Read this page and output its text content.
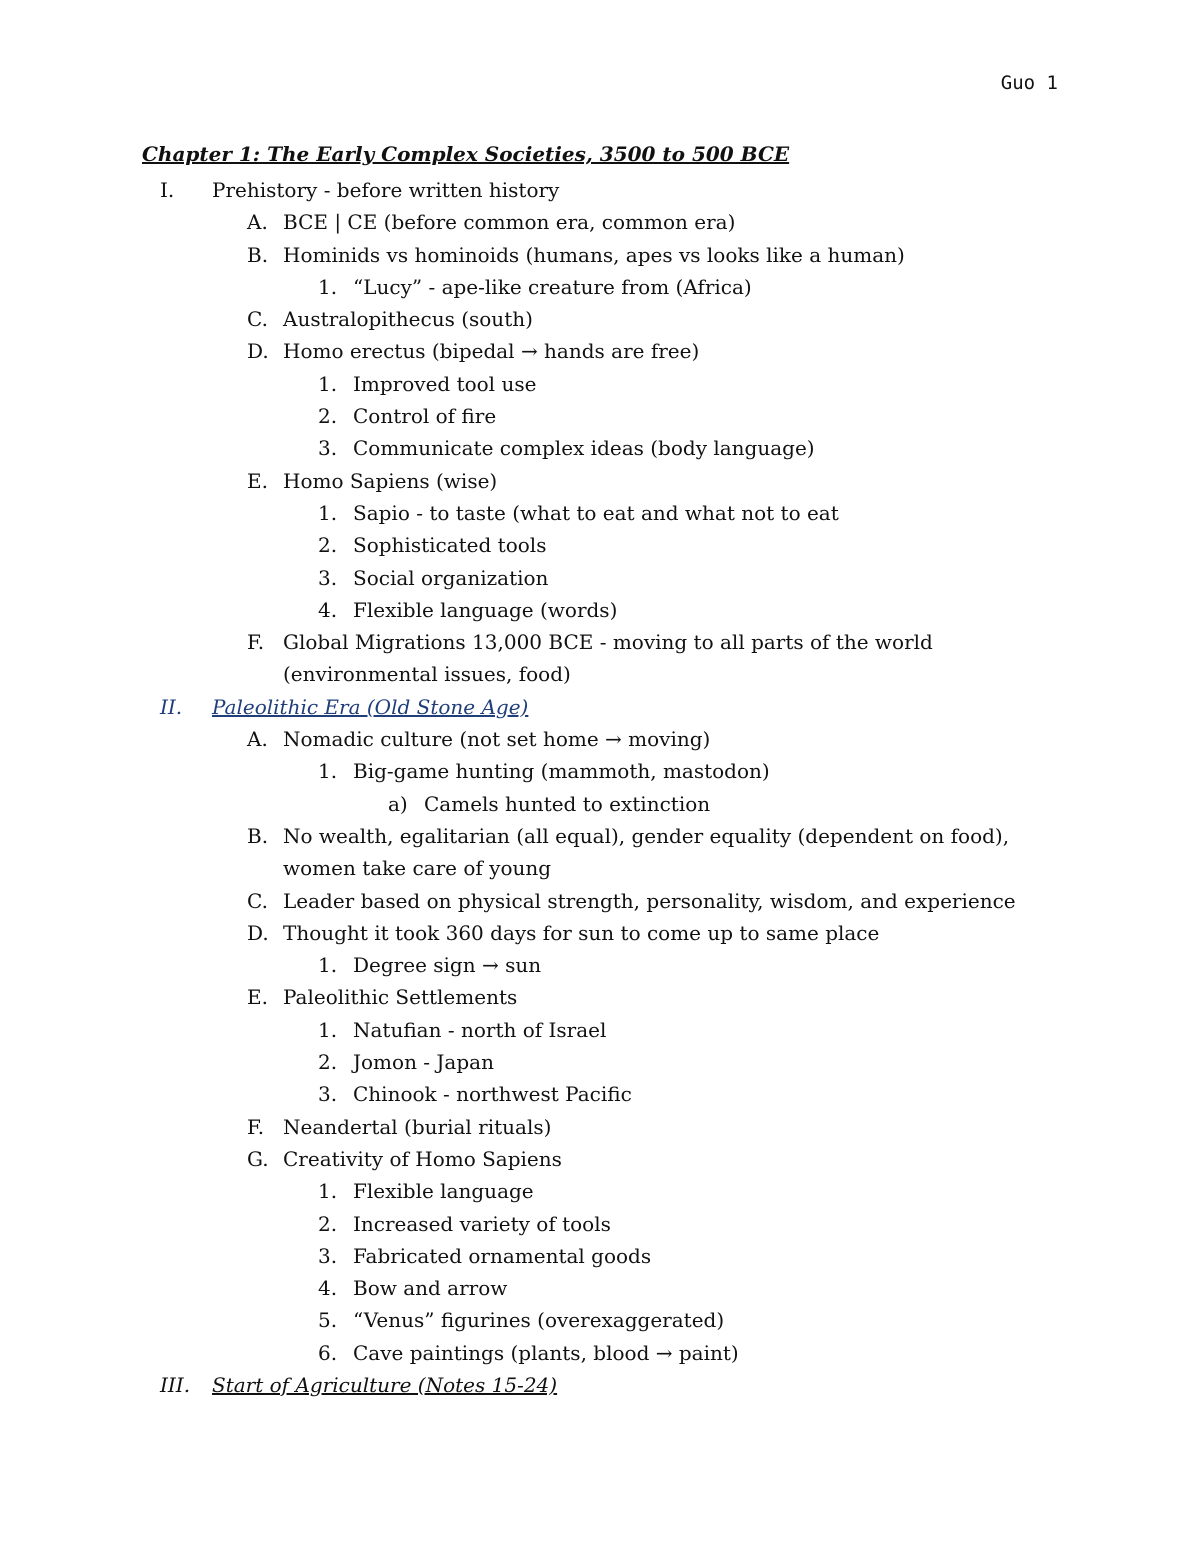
Guo 1
Chapter 1: The Early Complex Societies, 3500 to 500 BCE
I. Prehistory - before written history
A. BCE | CE (before common era, common era)
B. Hominids vs hominoids (humans, apes vs looks like a human)
1. “Lucy” - ape-like creature from (Africa)
C. Australopithecus (south)
D. Homo erectus (bipedal → hands are free)
1. Improved tool use
2. Control of fire
3. Communicate complex ideas (body language)
E. Homo Sapiens (wise)
1. Sapio - to taste (what to eat and what not to eat
2. Sophisticated tools
3. Social organization
4. Flexible language (words)
F. Global Migrations 13,000 BCE - moving to all parts of the world
(environmental issues, food)
II. Paleolithic Era (Old Stone Age)
A. Nomadic culture (not set home → moving)
1. Big-game hunting (mammoth, mastodon)
a) Camels hunted to extinction
B. No wealth, egalitarian (all equal), gender equality (dependent on food),
women take care of young
C. Leader based on physical strength, personality, wisdom, and experience
D. Thought it took 360 days for sun to come up to same place
1. Degree sign → sun
E. Paleolithic Settlements
1. Natufian - north of Israel
2. Jomon - Japan
3. Chinook - northwest Pacific
F. Neandertal (burial rituals)
G. Creativity of Homo Sapiens
1. Flexible language
2. Increased variety of tools
3. Fabricated ornamental goods
4. Bow and arrow
5. “Venus” figurines (overexaggerated)
6. Cave paintings (plants, blood → paint)
III. Start of Agriculture (Notes 15-24)
